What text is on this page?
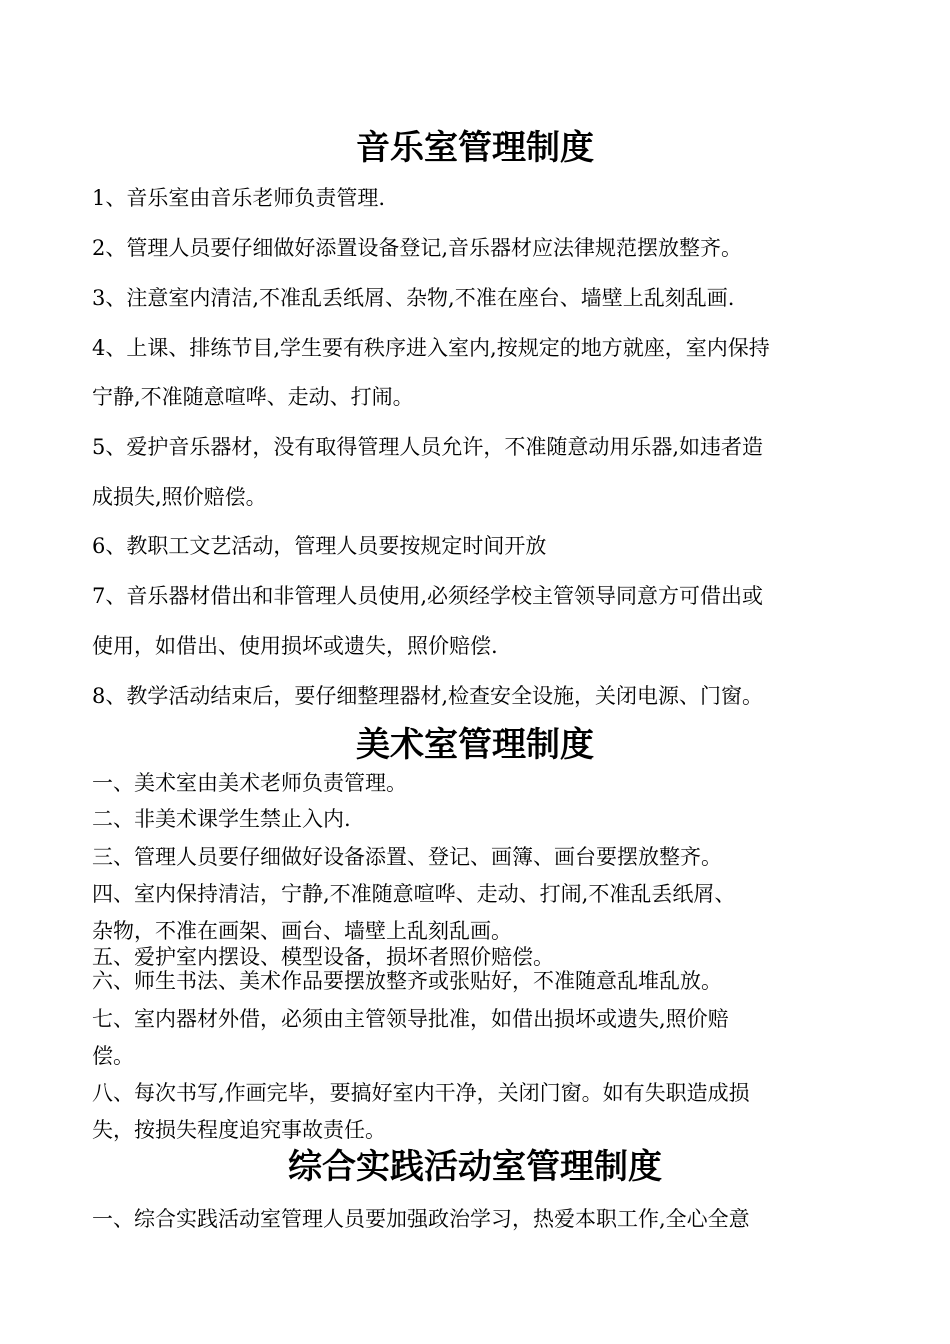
音乐室管理制度

1、音乐室由音乐老师负责管理.

2、管理人员要仔细做好添置设备登记,音乐器材应法律规范摆放整齐。

3、注意室内清洁,不准乱丢纸屑、杂物,不准在座台、墙壁上乱刻乱画.

4、上课、排练节目,学生要有秩序进入室内,按规定的地方就座，室内保持

宁静,不准随意喧哗、走动、打闹。

5、爱护音乐器材，没有取得管理人员允许，不准随意动用乐器,如违者造

成损失,照价赔偿。

6、教职工文艺活动，管理人员要按规定时间开放

7、音乐器材借出和非管理人员使用,必须经学校主管领导同意方可借出或

使用，如借出、使用损坏或遗失，照价赔偿.

8、教学活动结束后，要仔细整理器材,检查安全设施，关闭电源、门窗。

美术室管理制度

一、美术室由美术老师负责管理。

二、非美术课学生禁止入内.

三、管理人员要仔细做好设备添置、登记、画簿、画台要摆放整齐。

四、室内保持清洁，宁静,不准随意喧哗、走动、打闹,不准乱丢纸屑、

杂物，不准在画架、画台、墙壁上乱刻乱画。

五、爱护室内摆设、模型设备，损坏者照价赔偿。

六、师生书法、美术作品要摆放整齐或张贴好，不准随意乱堆乱放。

七、室内器材外借，必须由主管领导批准，如借出损坏或遗失,照价赔

偿。

八、每次书写,作画完毕，要搞好室内干净，关闭门窗。如有失职造成损

失，按损失程度追究事故责任。

综合实践活动室管理制度

一、综合实践活动室管理人员要加强政治学习，热爱本职工作,全心全意
